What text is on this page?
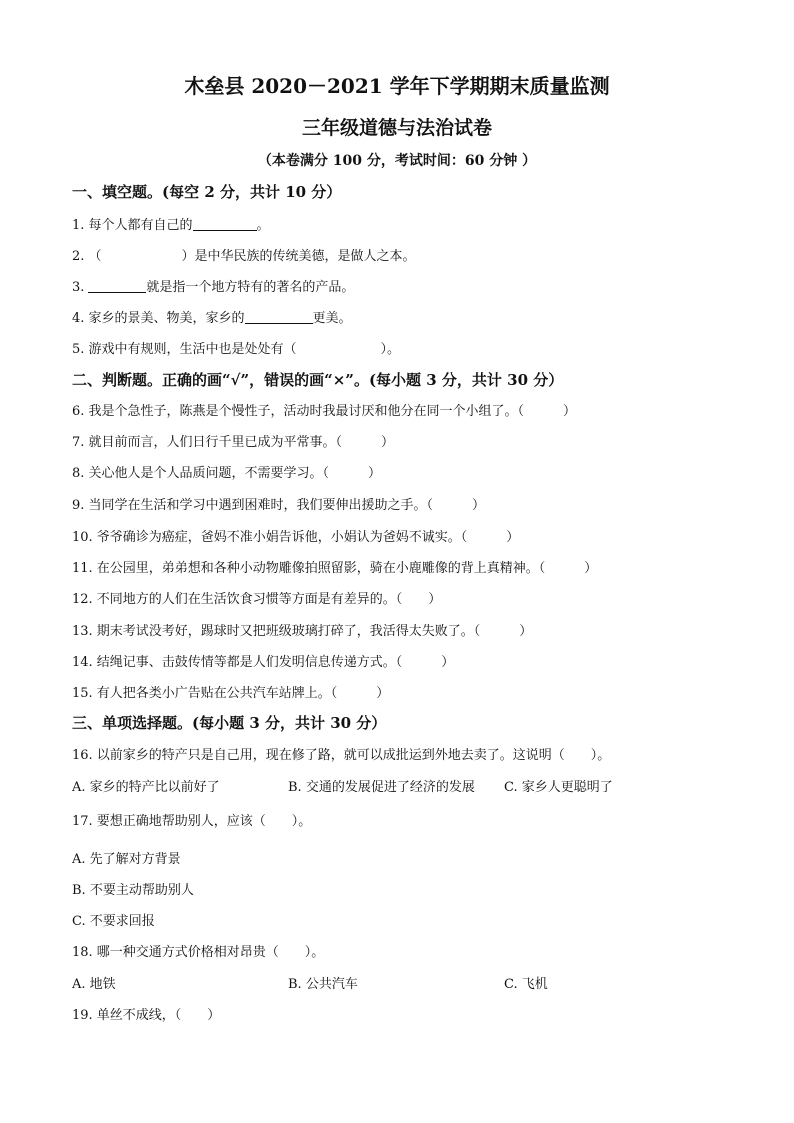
木垒县 2020－2021 学年下学期期末质量监测
三年级道德与法治试卷
（本卷满分 100 分，考试时间：60 分钟 ）
一、填空题。(每空 2 分，共计 10 分）
1. 每个人都有自己的	。
2. （	）是中华民族的传统美德，是做人之本。
3.	就是指一个地方特有的著名的产品。
4. 家乡的景美、物美，家乡的	更美。
5. 游戏中有规则，生活中也是处处有（	）。
二、判断题。正确的画“√”，错误的画“×”。(每小题 3 分，共计 30 分）
6. 我是个急性子，陈燕是个慢性子，活动时我最讨厌和他分在同一个小组了。（　　　）
7. 就目前而言，人们日行千里已成为平常事。（　　　）
8. 关心他人是个人品质问题，不需要学习。（　　　）
9. 当同学在生活和学习中遇到困难时，我们要伸出援助之手。（　　　）
10. 爷爷确诊为癌症，爸妈不准小娟告诉他，小娟认为爸妈不诚实。（　　　）
11. 在公园里，弟弟想和各种小动物雕像拍照留影，骑在小鹿雕像的背上真精神。（　　　）
12. 不同地方的人们在生活饮食习惯等方面是有差异的。（　　）
13. 期末考试没考好，踢球时又把班级玻璃打碎了，我活得太失败了。（　　　）
14. 结绳记事、击鼓传情等都是人们发明信息传递方式。（　　　）
15. 有人把各类小广告贴在公共汽车站牌上。（　　　）
三、单项选择题。(每小题 3 分，共计 30 分）
16. 以前家乡的特产只是自己用，现在修了路，就可以成批运到外地去卖了。这说明（　　）。
A. 家乡的特产比以前好了	B. 交通的发展促进了经济的发展 C. 家乡人更聪明了
17. 要想正确地帮助别人，应该（　　）。
A. 先了解对方背景
B. 不要主动帮助别人
C. 不要求回报
18. 哪一种交通方式价格相对昂贵（　　）。
A. 地铁	B. 公共汽车	C. 飞机
19. 单丝不成线，（　　）
